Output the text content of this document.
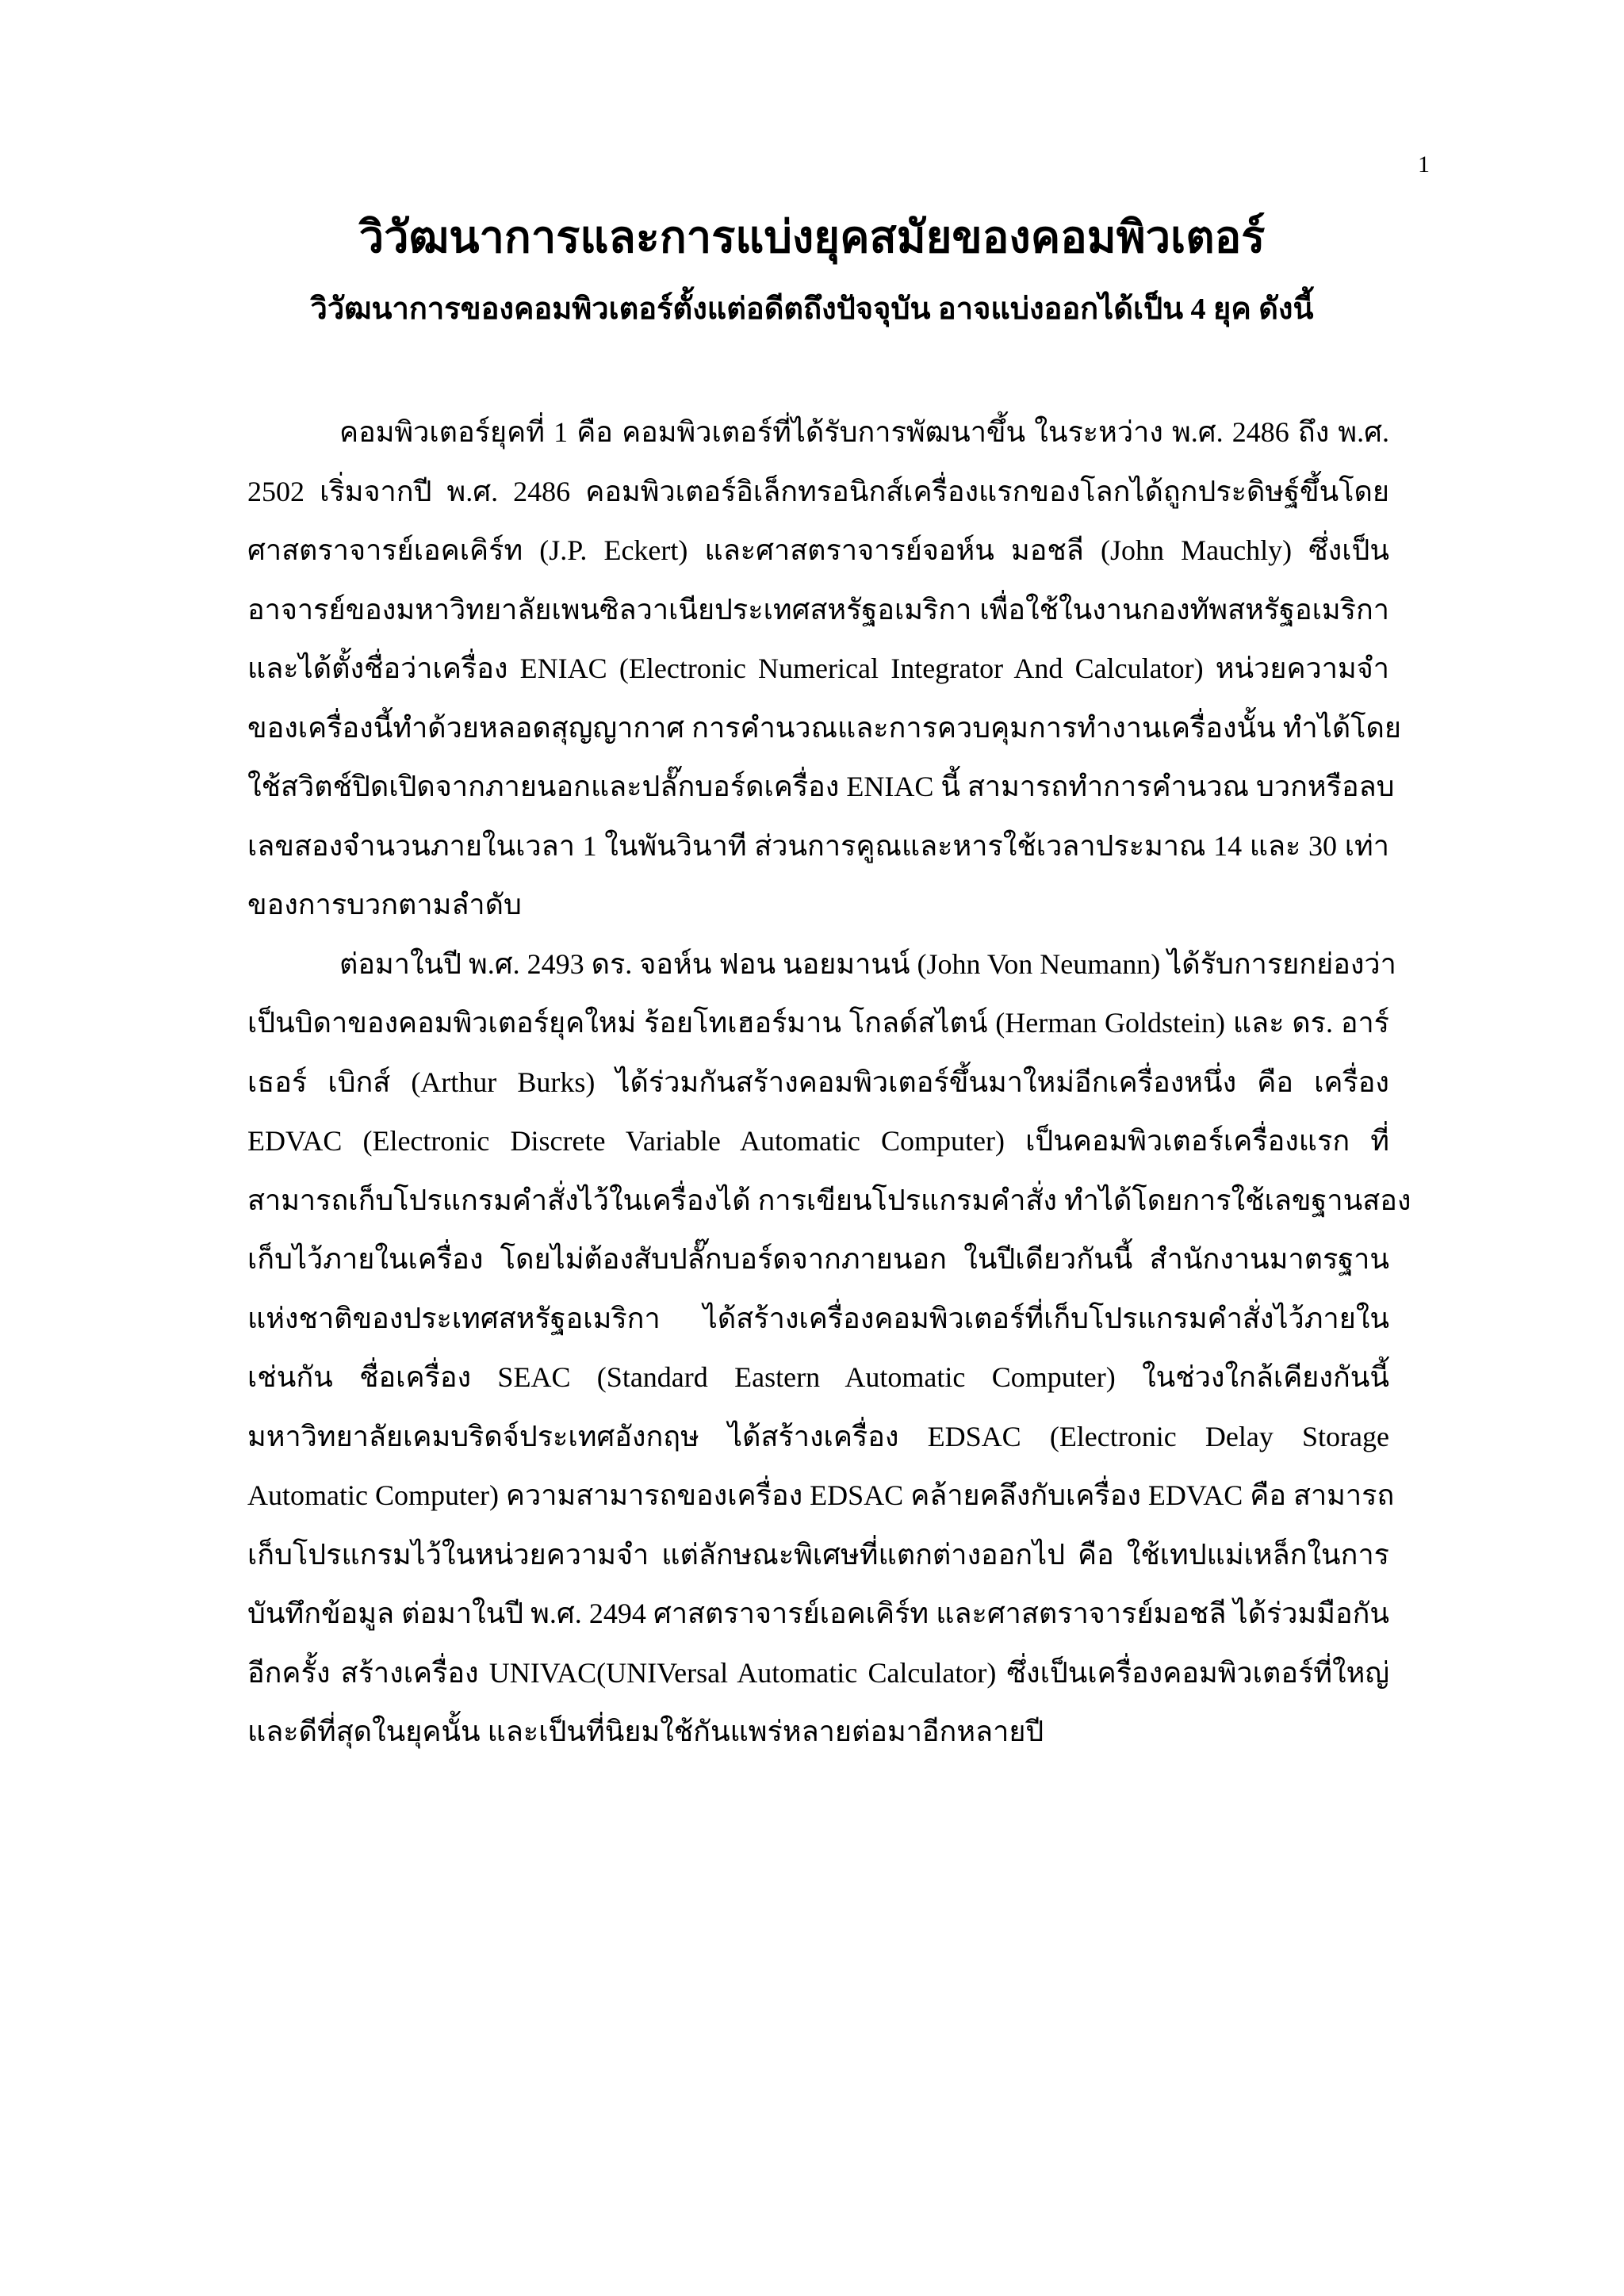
1
วิวัฒนาการและการแบ่งยุคสมัยของคอมพิวเตอร์
วิวัฒนาการของคอมพิวเตอร์ตั้งแต่อดีตถึงปัจจุบัน อาจแบ่งออกได้เป็น 4 ยุค ดังนี้
คอมพิวเตอร์ยุคที่ 1 คือ คอมพิวเตอร์ที่ได้รับการพัฒนาขึ้น ในระหว่าง พ.ศ. 2486 ถึง พ.ศ.
2502 เริ่มจากปี พ.ศ. 2486 คอมพิวเตอร์อิเล็กทรอนิกส์เครื่องแรกของโลกได้ถูกประดิษฐ์ขึ้นโดย
ศาสตราจารย์เอคเคิร์ท (J.P. Eckert) และศาสตราจารย์จอห์น มอชลี (John Mauchly) ซึ่งเป็น
อาจารย์ของมหาวิทยาลัยเพนซิลวาเนียประเทศสหรัฐอเมริกา เพื่อใช้ในงานกองทัพสหรัฐอเมริกา
และได้ตั้งชื่อว่าเครื่อง ENIAC (Electronic Numerical Integrator And Calculator) หน่วยความจำ
ของเครื่องนี้ทำด้วยหลอดสุญญากาศ การคำนวณและการควบคุมการทำงานเครื่องนั้น ทำได้โดย
ใช้สวิตช์ปิดเปิดจากภายนอกและปลั๊กบอร์ดเครื่อง ENIAC นี้ สามารถทำการคำนวณ บวกหรือลบ
เลขสองจำนวนภายในเวลา 1 ในพันวินาที ส่วนการคูณและหารใช้เวลาประมาณ 14 และ 30 เท่า
ของการบวกตามลำดับ
ต่อมาในปี พ.ศ. 2493 ดร. จอห์น ฟอน นอยมานน์ (John Von Neumann) ได้รับการยกย่องว่า
เป็นบิดาของคอมพิวเตอร์ยุคใหม่ ร้อยโทเฮอร์มาน โกลด์สไตน์ (Herman Goldstein) และ ดร. อาร์
เธอร์ เบิกส์ (Arthur Burks) ได้ร่วมกันสร้างคอมพิวเตอร์ขึ้นมาใหม่อีกเครื่องหนึ่ง คือ เครื่อง
EDVAC (Electronic Discrete Variable Automatic Computer) เป็นคอมพิวเตอร์เครื่องแรก ที่
สามารถเก็บโปรแกรมคำสั่งไว้ในเครื่องได้ การเขียนโปรแกรมคำสั่ง ทำได้โดยการใช้เลขฐานสอง
เก็บไว้ภายในเครื่อง โดยไม่ต้องสับปลั๊กบอร์ดจากภายนอก ในปีเดียวกันนี้ สำนักงานมาตรฐาน
แห่งชาติของประเทศสหรัฐอเมริกา ได้สร้างเครื่องคอมพิวเตอร์ที่เก็บโปรแกรมคำสั่งไว้ภายใน
เช่นกัน ชื่อเครื่อง SEAC (Standard Eastern Automatic Computer) ในช่วงใกล้เคียงกันนี้
มหาวิทยาลัยเคมบริดจ์ประเทศอังกฤษ ได้สร้างเครื่อง EDSAC (Electronic Delay Storage
Automatic Computer) ความสามารถของเครื่อง EDSAC คล้ายคลึงกับเครื่อง EDVAC คือ สามารถ
เก็บโปรแกรมไว้ในหน่วยความจำ แต่ลักษณะพิเศษที่แตกต่างออกไป คือ ใช้เทปแม่เหล็กในการ
บันทึกข้อมูล ต่อมาในปี พ.ศ. 2494 ศาสตราจารย์เอคเคิร์ท และศาสตราจารย์มอชลี ได้ร่วมมือกัน
อีกครั้ง สร้างเครื่อง UNIVAC(UNIVersal Automatic Calculator) ซึ่งเป็นเครื่องคอมพิวเตอร์ที่ใหญ่
และดีที่สุดในยุคนั้น และเป็นที่นิยมใช้กันแพร่หลายต่อมาอีกหลายปี
